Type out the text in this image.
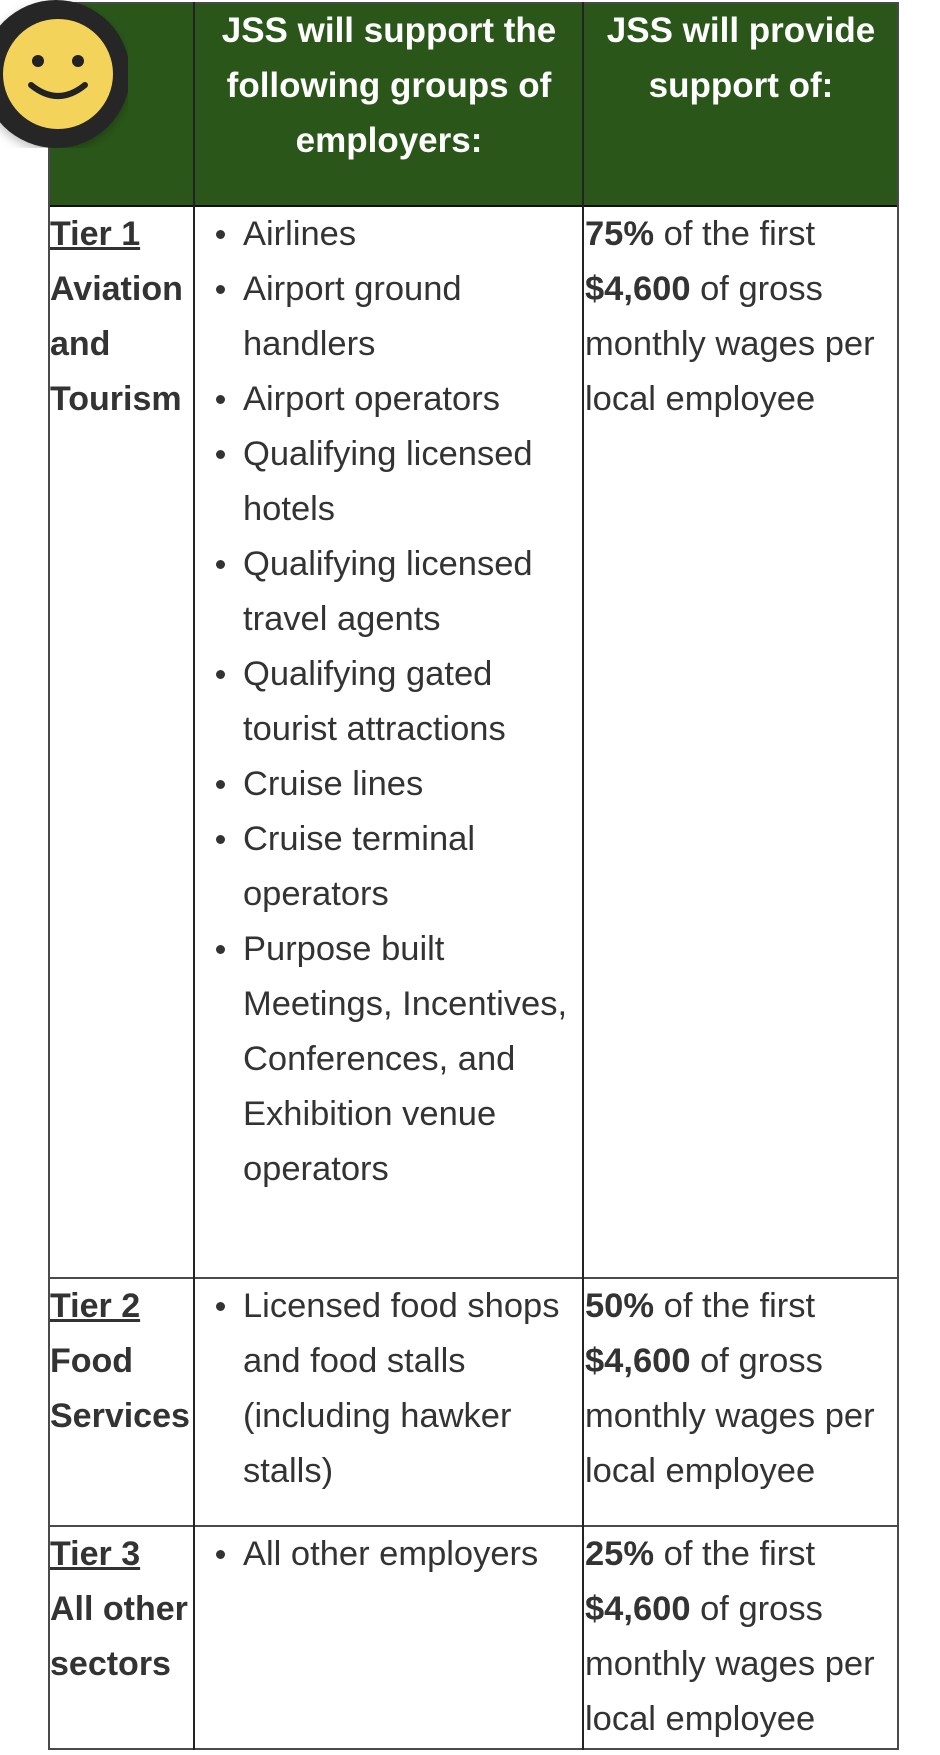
JSS will support the following groups of employers:
JSS will provide support of:
Tier 1
Aviation and Tourism
Airlines
Airport ground handlers
Airport operators
Qualifying licensed hotels
Qualifying licensed travel agents
Qualifying gated tourist attractions
Cruise lines
Cruise terminal operators
Purpose built Meetings, Incentives, Conferences, and Exhibition venue operators
75% of the first $4,600 of gross monthly wages per local employee
Tier 2
Food Services
Licensed food shops and food stalls (including hawker stalls)
50% of the first $4,600 of gross monthly wages per local employee
Tier 3
All other sectors
All other employers	25% of the first $4,600 of gross monthly wages per local employee
